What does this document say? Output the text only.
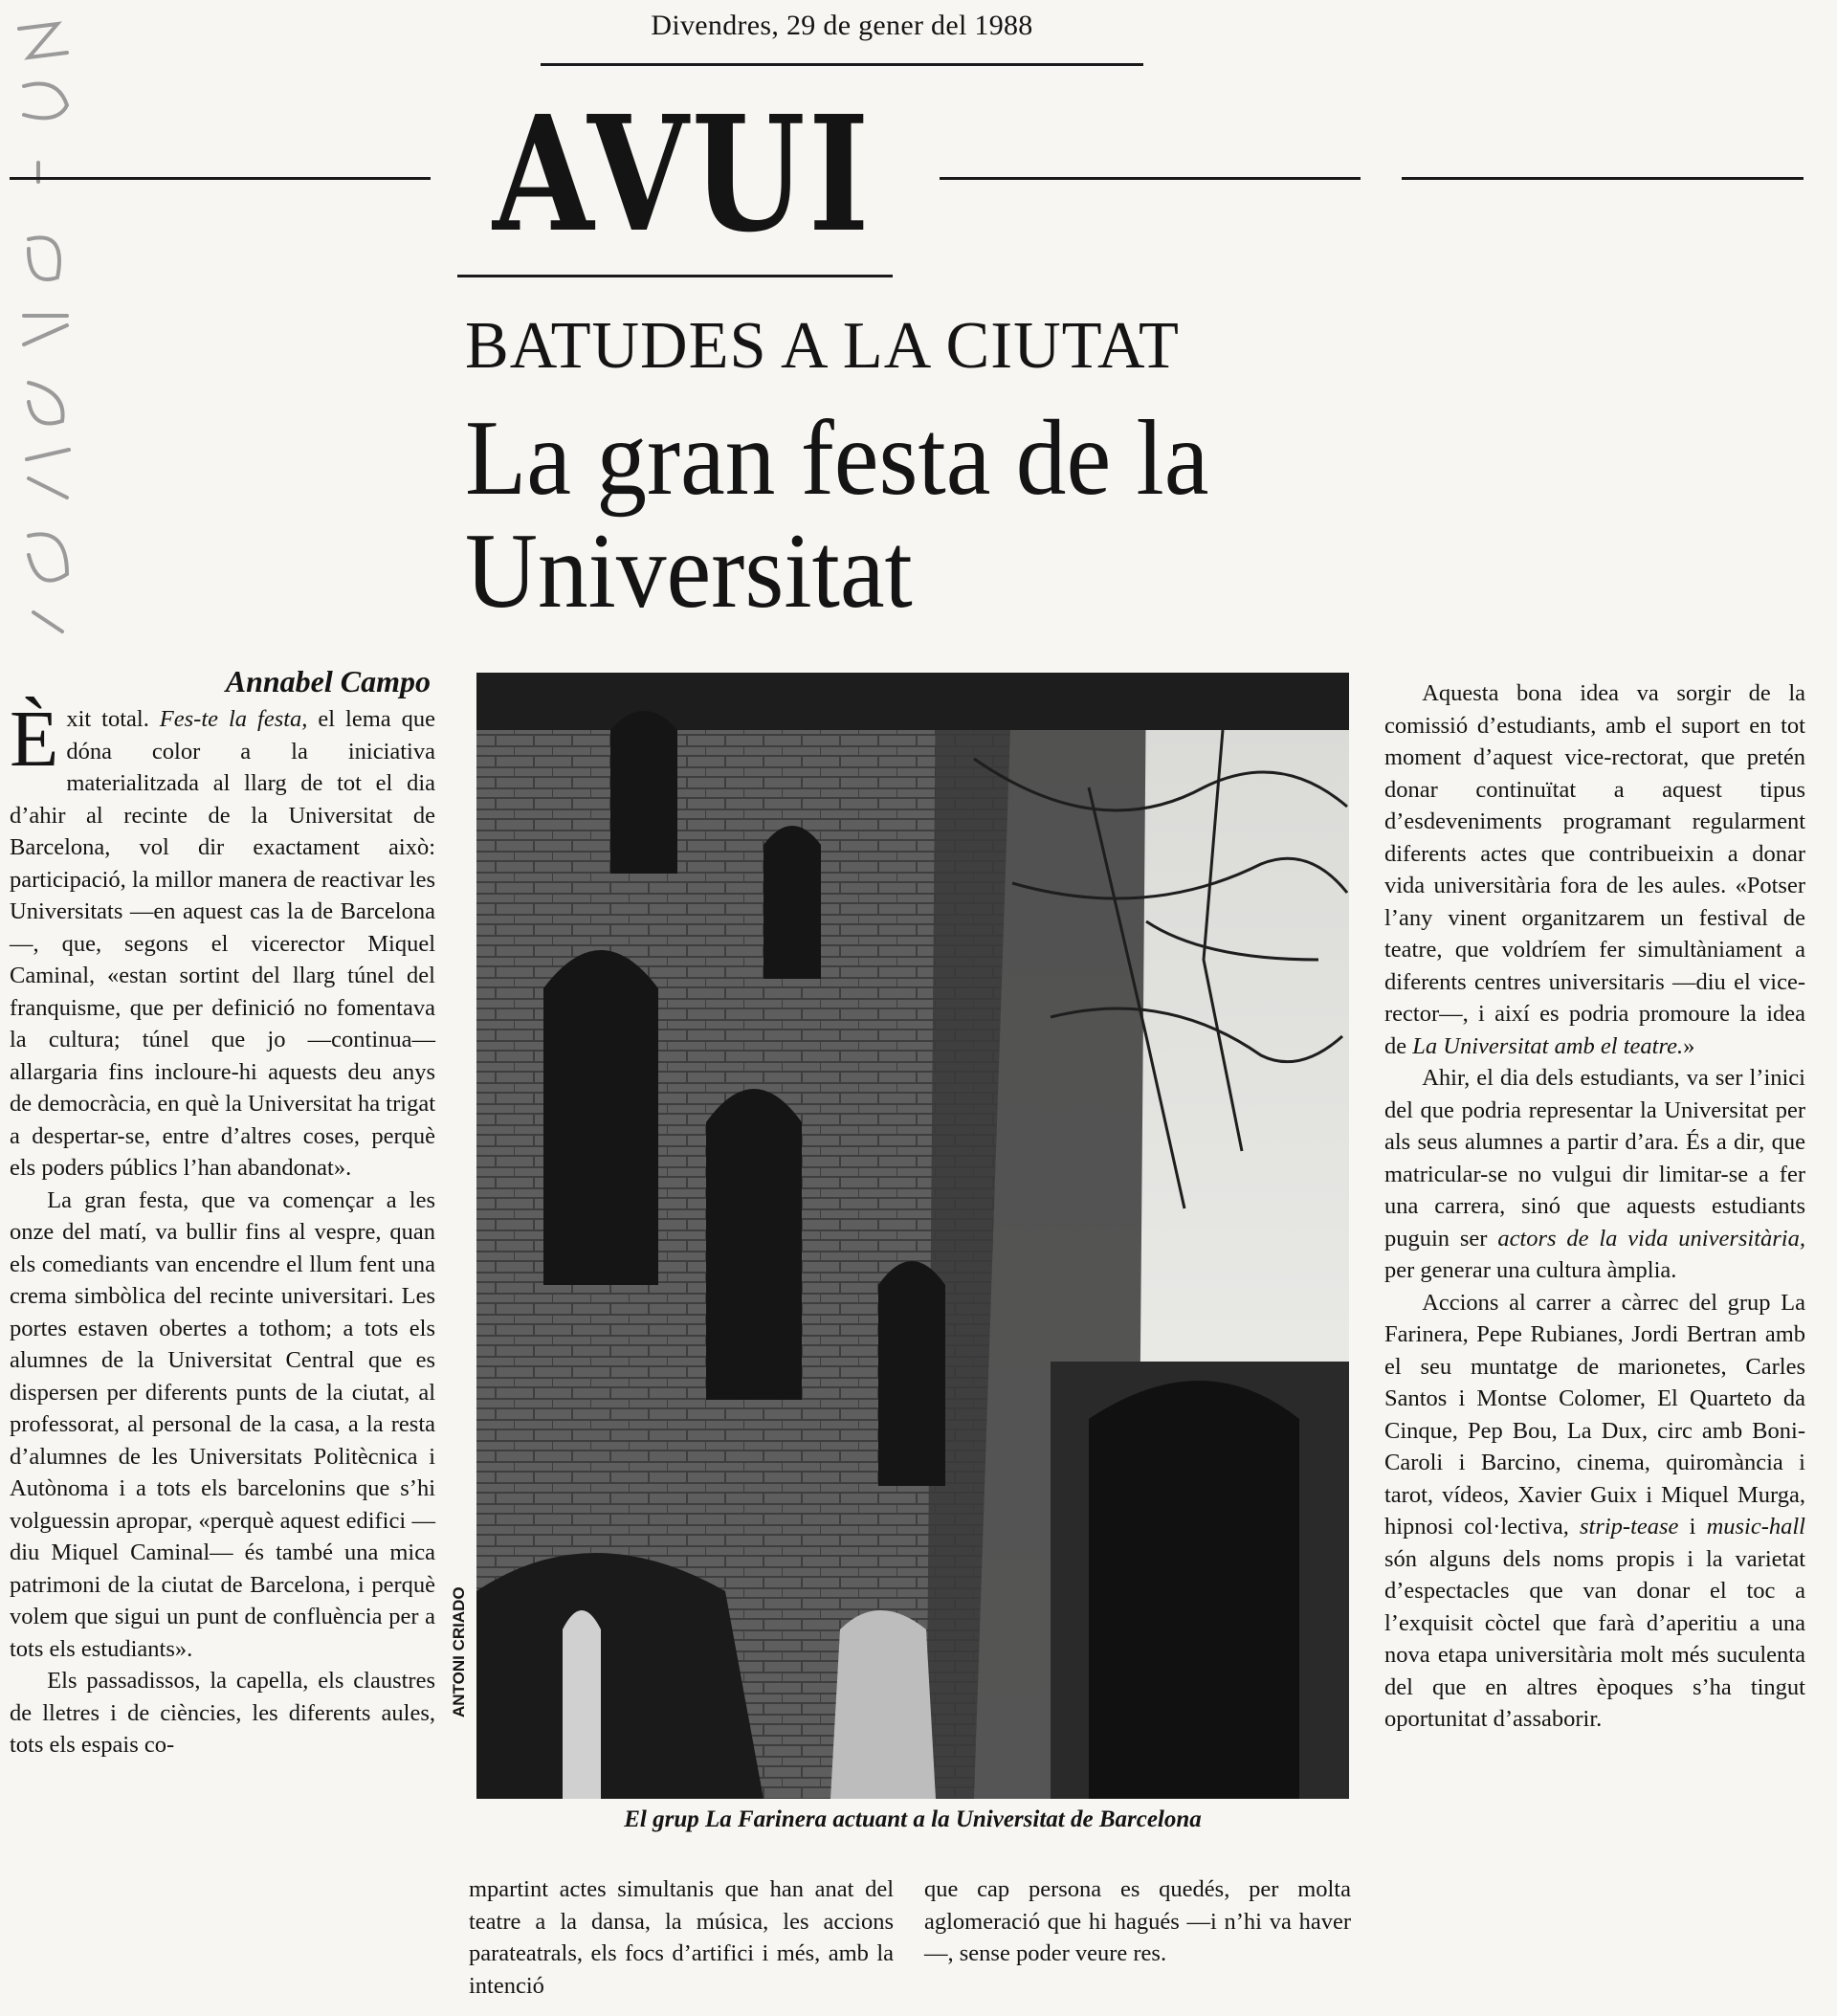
Divendres, 29 de gener del 1988
AVUI
BATUDES A LA CIUTAT
La gran festa de la Universitat
Annabel Campo

Èxit total. Fes-te la festa, el lema que dóna color a la iniciativa materialitzada al llarg de tot el dia d’ahir al recinte de la Universitat de Barcelona, vol dir exactament això: participació, la millor manera de reactivar les Universitats —en aquest cas la de Barcelona—, que, segons el vicerector Miquel Caminal, «estan sortint del llarg túnel del franquisme, que per definició no fomentava la cultura; túnel que jo —continua— allargaria fins incloure-hi aquests deu anys de democràcia, en què la Universitat ha trigat a despertar-se, entre d’altres coses, perquè els poders públics l’han abandonat».

La gran festa, que va començar a les onze del matí, va bullir fins al vespre, quan els comediants van encendre el llum fent una crema simbòlica del recinte universitari. Les portes estaven obertes a tothom; a tots els alumnes de la Universitat Central que es dispersen per diferents punts de la ciutat, al professorat, al personal de la casa, a la resta d’alumnes de les Universitats Politècnica i Autònoma i a tots els barcelonins que s’hi volguessin apropar, «perquè aquest edifici —diu Miquel Caminal— és també una mica patrimoni de la ciutat de Barcelona, i perquè volem que sigui un punt de confluència per a tots els estudiants».

Els passadissos, la capella, els claustres de lletres i de ciències, les diferents aules, tots els espais co-

ANTONI CRIADO
El grup La Farinera actuant a la Universitat de Barcelona

mpartint actes simultanis que han anat del teatre a la dansa, la música, les accions parateatrals, els focs d’artifici i més, amb la intenció

que cap persona es quedés, per molta aglomeració que hi hagués —i n’hi va haver—, sense poder veure res.

Aquesta bona idea va sorgir de la comissió d’estudiants, amb el suport en tot moment d’aquest vice-rectorat, que pretén donar continuïtat a aquest tipus d’esdeveniments programant regularment diferents actes que contribueixin a donar vida universitària fora de les aules. «Potser l’any vinent organitzarem un festival de teatre, que voldríem fer simultàniament a diferents centres universitaris —diu el vice-rector—, i així es podria promoure la idea de La Universitat amb el teatre.»

Ahir, el dia dels estudiants, va ser l’inici del que podria representar la Universitat per als seus alumnes a partir d’ara. És a dir, que matricular-se no vulgui dir limitar-se a fer una carrera, sinó que aquests estudiants puguin ser actors de la vida universitària, per generar una cultura àmplia.

Accions al carrer a càrrec del grup La Farinera, Pepe Rubianes, Jordi Bertran amb el seu muntatge de marionetes, Carles Santos i Montse Colomer, El Quarteto da Cinque, Pep Bou, La Dux, circ amb Boni-Caroli i Barcino, cinema, quiromància i tarot, vídeos, Xavier Guix i Miquel Murga, hipnosi col·lectiva, strip-tease i music-hall són alguns dels noms propis i la varietat d’espectacles que van donar el toc a l’exquisit còctel que farà d’aperitiu a una nova etapa universitària molt més suculenta del que en altres èpoques s’ha tingut oportunitat d’assaborir.
